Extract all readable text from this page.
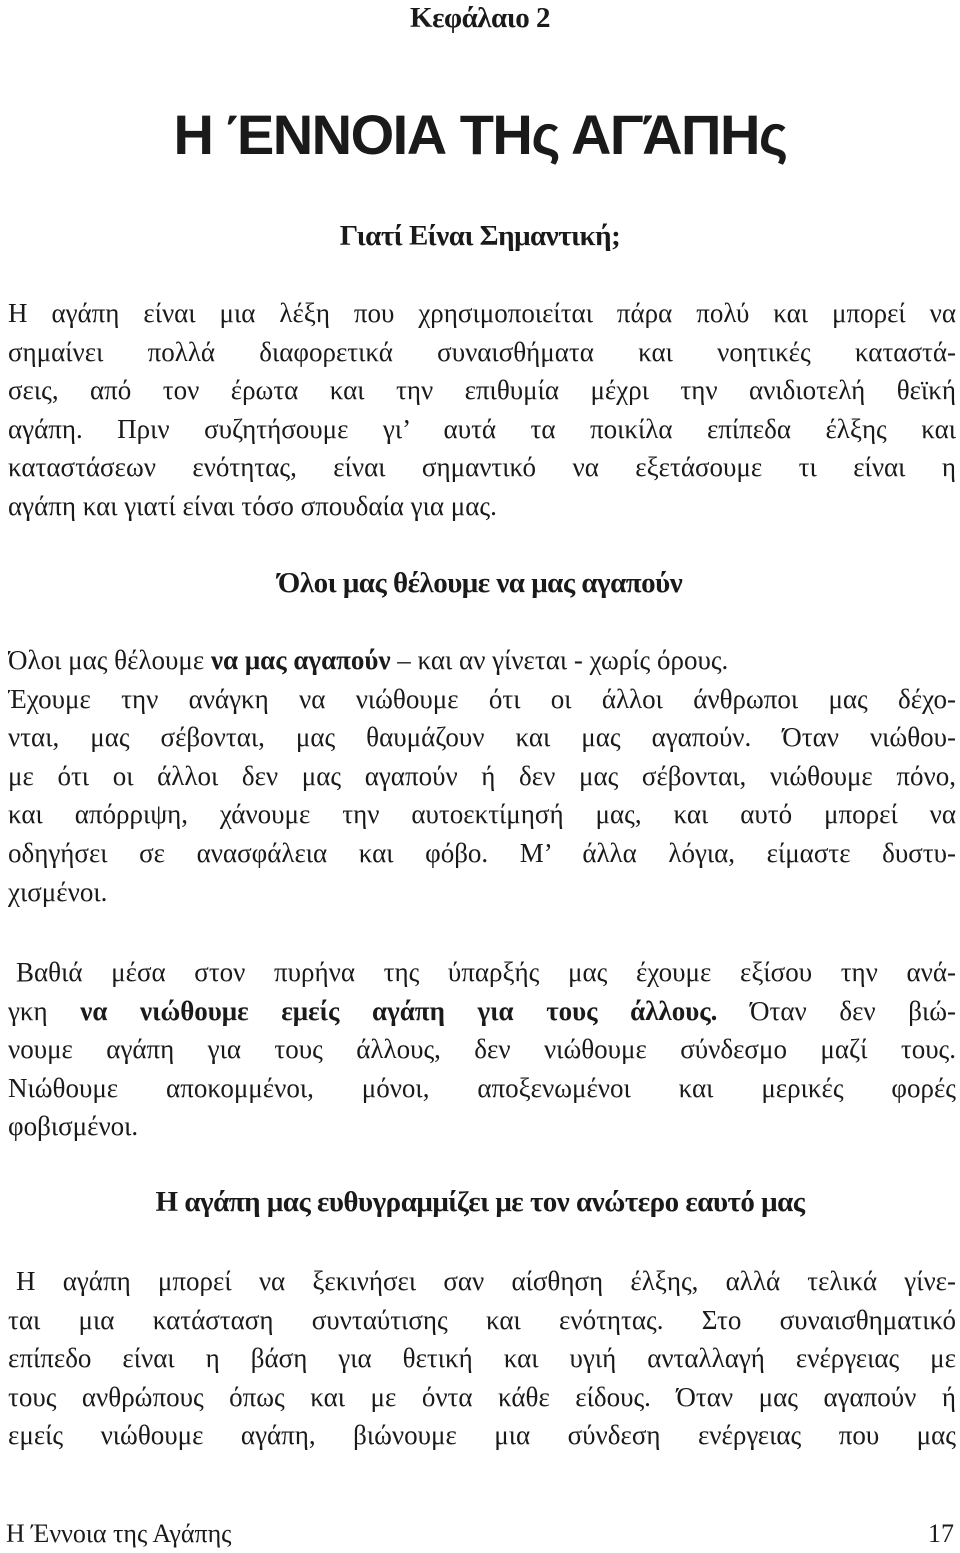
Κεφάλαιο 2
Η ΈΝΝΟΙΑ ΤΗς ΑΓΆΠΗς
Γιατί Είναι Σημαντική;
Η αγάπη είναι μια λέξη που χρησιμοποιείται πάρα πολύ και μπορεί να
σημαίνει πολλά διαφορετικά συναισθήματα και νοητικές καταστά-
σεις, από τον έρωτα και την επιθυμία μέχρι την ανιδιοτελή θεϊκή
αγάπη. Πριν συζητήσουμε γι’ αυτά τα ποικίλα επίπεδα έλξης και
καταστάσεων ενότητας, είναι σημαντικό να εξετάσουμε τι είναι η
αγάπη και γιατί είναι τόσο σπουδαία για μας.
Όλοι μας θέλουμε να μας αγαπούν
Όλοι μας θέλουμε να μας αγαπούν – και αν γίνεται - χωρίς όρους.
Έχουμε την ανάγκη να νιώθουμε ότι οι άλλοι άνθρωποι μας δέχο-
νται, μας σέβονται, μας θαυμάζουν και μας αγαπούν. Όταν νιώθου-
με ότι οι άλλοι δεν μας αγαπούν ή δεν μας σέβονται, νιώθουμε πόνο,
και απόρριψη, χάνουμε την αυτοεκτίμησή μας, και αυτό μπορεί να
οδηγήσει σε ανασφάλεια και φόβο. Μ’ άλλα λόγια, είμαστε δυστυ-
χισμένοι.
Βαθιά μέσα στον πυρήνα της ύπαρξής μας έχουμε εξίσου την ανά-
γκη να νιώθουμε εμείς αγάπη για τους άλλους. Όταν δεν βιώ-
νουμε αγάπη για τους άλλους, δεν νιώθουμε σύνδεσμο μαζί τους.
Νιώθουμε αποκομμένοι, μόνοι, αποξενωμένοι και μερικές φορές
φοβισμένοι.
Η αγάπη μας ευθυγραμμίζει με τον ανώτερο εαυτό μας
Η αγάπη μπορεί να ξεκινήσει σαν αίσθηση έλξης, αλλά τελικά γίνε-
ται μια κατάσταση συνταύτισης και ενότητας. Στο συναισθηματικό
επίπεδο είναι η βάση για θετική και υγιή ανταλλαγή ενέργειας με
τους ανθρώπους όπως και με όντα κάθε είδους. Όταν μας αγαπούν ή
εμείς νιώθουμε αγάπη, βιώνουμε μια σύνδεση ενέργειας που μας
Η Έννοια της Αγάπης	17
